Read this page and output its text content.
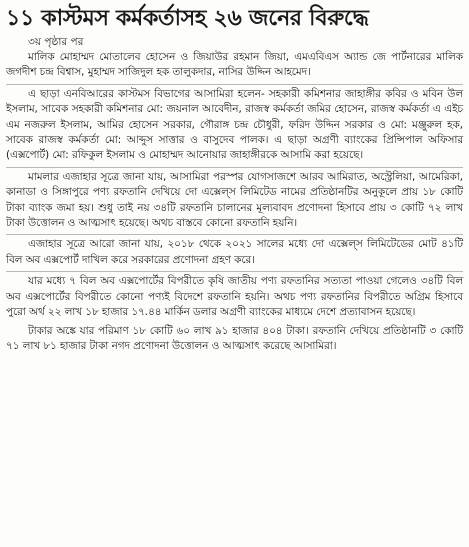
১১ কাস্টমস কর্মকর্তাসহ ২৬ জনের বিরুদ্ধে
৩য় পৃষ্ঠার পর

মালিক মোহাম্মদ মোতালেব হোসেন ও জিয়াউর রহমান জিয়া, এমএবিএস অ্যান্ড জে পার্টনারের মালিক জগদীশ চন্দ্র বিশ্বাস, মুহাম্মদ সাজিদুল হক তালুকদার, নাসির উদ্দিন আহমেদ।

এ ছাড়া এনবিআরের কাস্টমস বিভাগের আসামিরা হলেন- সহকারী কমিশনার জাহাঙ্গীর কবির ও মবিন উল ইসলাম, সাবেক সহকারী কমিশনার মো: জয়নাল আবেদীন, রাজস্ব কর্মকর্তা জমির হোসেন, রাজস্ব কর্মকর্তা এ এইচ এম নজরুল ইসলাম, আমির হোসেন সরকার, গৌরাঙ্গ চন্দ্র চৌধুরী, ফরিদ উদ্দিন সরকার ও মো: মঞ্জুরুল হক, সাবেক রাজস্ব কর্মকর্তা মো: আব্দুস সাত্তার ও বাসুদেব পালক। এ ছাড়া অগ্রণী ব্যাংকের প্রিন্সিপাল অফিসার (এক্সপোর্ট) মো: রফিকুল ইসলাম ও মোহাম্মদ আনোয়ার জাহাঙ্গীরকে আসামি করা হয়েছে।

মামলার এজাহার সূত্রে জানা যায়, আসামিরা পরস্পর যোগসাজশে আরব আমিরাত, অস্ট্রেলিয়া, আমেরিকা, কানাডা ও সিঙ্গাপুরে পণ্য রফতানি দেখিয়ে দো এক্সেল্স লিমিটেড নামের প্রতিষ্ঠানটির অনুকূলে প্রায় ১৮ কোটি টাকা ব্যাংক জমা হয়। শুধু তাই নয় ৩৪টি রফতানি চালানের মূল্যবাবদ প্রণোদনা হিসাবে প্রায় ৩ কোটি ৭২ লাখ টাকা উত্তোলন ও আত্মসাৎ হয়েছে। অথচ বাস্তবে কোনো রফতানি হয়নি।

এজাহার সূত্রে আরো জানা যায়, ২০১৮ থেকে ২০২১ সালের মধ্যে দো এক্সেল্স লিমিটেডের মোট ৪১টি বিল অব এক্সপোর্ট দাখিল করে সরকারের প্রণোদনা গ্রহণ করে।

যার মধ্যে ৭ বিল অব এক্সপোর্টের বিপরীতে কৃষি জাতীয় পণ্য রফতানির সত্যতা পাওয়া গেলেও ৩৪টি বিল অব এক্সপোর্টের বিপরীতে কোনো পণ্যই বিদেশে রফতানি হয়নি। অথচ পণ্য রফতানির বিপরীতে অগ্রিম হিসাবে পুরো অর্থ ২২ লাখ ১৮ হাজার ১৭.৪৪ মার্কিন ডলার অগ্রণী ব্যাংকের মাধ্যমে দেশে প্রত্যাবাসন হয়েছে।

টাকার অঙ্কে যার পরিমাণ ১৮ কোটি ৬০ লাখ ৯১ হাজার ৪০৪ টাকা। রফতানি দেখিয়ে প্রতিষ্ঠানটি ৩ কোটি ৭১ লাখ ৮১ হাজার টাকা নগদ প্রণোদনা উত্তোলন ও আত্মসাৎ করেছে আসামিরা।
